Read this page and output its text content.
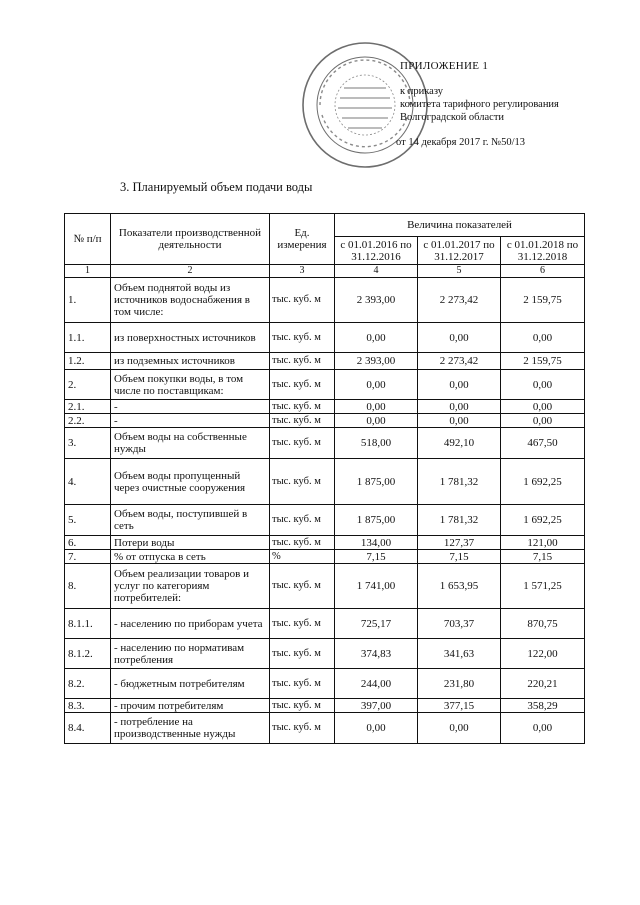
ПРИЛОЖЕНИЕ 1
к приказу
комитета тарифного регулирования
Волгоградской области
от 14 декабря 2017 г. №50/13
3. Планируемый объем подачи воды
№ п/п	Показатели производственной деятельности	Ед. измерения	Величина показателей		
			с 01.01.2016 по 31.12.2016	с 01.01.2017 по 31.12.2017	с 01.01.2018 по 31.12.2018
1	2	3	4	5	6
1.	Объем поднятой воды из источников водоснабжения в том числе:	тыс. куб. м	2 393,00	2 273,42	2 159,75
1.1.	из поверхностных источников	тыс. куб. м	0,00	0,00	0,00
1.2.	из подземных источников	тыс. куб. м	2 393,00	2 273,42	2 159,75
2.	Объем покупки воды, в том числе по поставщикам:	тыс. куб. м	0,00	0,00	0,00
2.1.	-	тыс. куб. м	0,00	0,00	0,00
2.2.	-	тыс. куб. м	0,00	0,00	0,00
3.	Объем воды на собственные нужды	тыс. куб. м	518,00	492,10	467,50
4.	Объем воды пропущенный через очистные сооружения	тыс. куб. м	1 875,00	1 781,32	1 692,25
5.	Объем воды, поступившей в сеть	тыс. куб. м	1 875,00	1 781,32	1 692,25
6.	Потери воды	тыс. куб. м	134,00	127,37	121,00
7.	% от отпуска в сеть	%	7,15	7,15	7,15
8.	Объем реализации товаров и услуг по категориям потребителей:	тыс. куб. м	1 741,00	1 653,95	1 571,25
8.1.1.	- населению по приборам учета	тыс. куб. м	725,17	703,37	870,75
8.1.2.	- населению по нормативам потребления	тыс. куб. м	374,83	341,63	122,00
8.2.	- бюджетным потребителям	тыс. куб. м	244,00	231,80	220,21
8.3.	- прочим потребителям	тыс. куб. м	397,00	377,15	358,29
8.4.	- потребление на производственные нужды	тыс. куб. м	0,00	0,00	0,00
